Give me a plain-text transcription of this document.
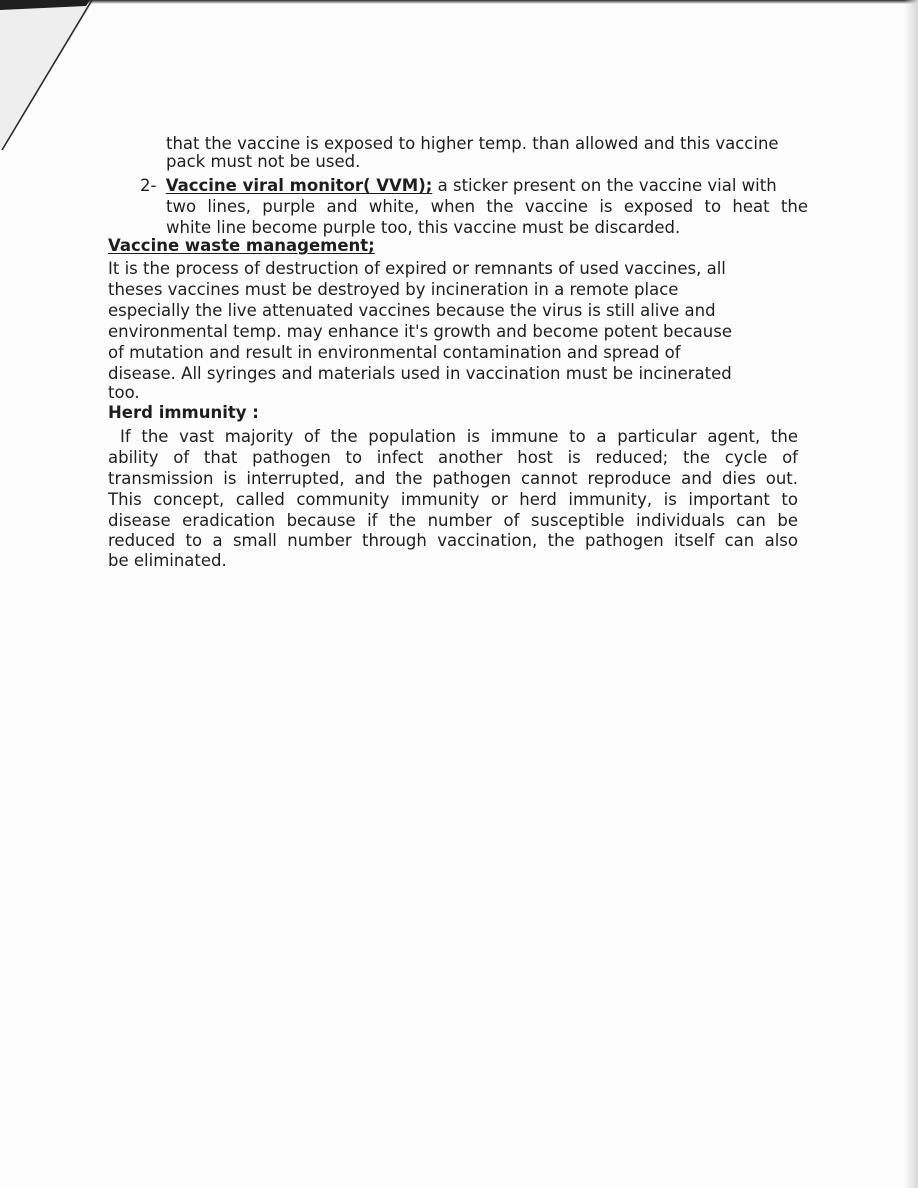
that the vaccine is exposed to higher temp. than allowed and this vaccine
pack must not be used.
2- Vaccine viral monitor( VVM); a sticker present on the vaccine vial with
two lines, purple and white, when the vaccine is exposed to heat the
white line become purple too, this vaccine must be discarded.
Vaccine waste management;
It is the process of destruction of expired or remnants of used vaccines, all
theses vaccines must be destroyed by incineration in a remote place
especially the live attenuated vaccines because the virus is still alive and
environmental temp. may enhance it's growth and become potent because
of mutation and result in environmental contamination and spread of
disease. All syringes and materials used in vaccination must be incinerated
too.
Herd immunity :
If the vast majority of the population is immune to a particular agent, the
ability of that pathogen to infect another host is reduced; the cycle of
transmission is interrupted, and the pathogen cannot reproduce and dies out.
This concept, called community immunity or herd immunity, is important to
disease eradication because if the number of susceptible individuals can be
reduced to a small number through vaccination, the pathogen itself can also
be eliminated.
